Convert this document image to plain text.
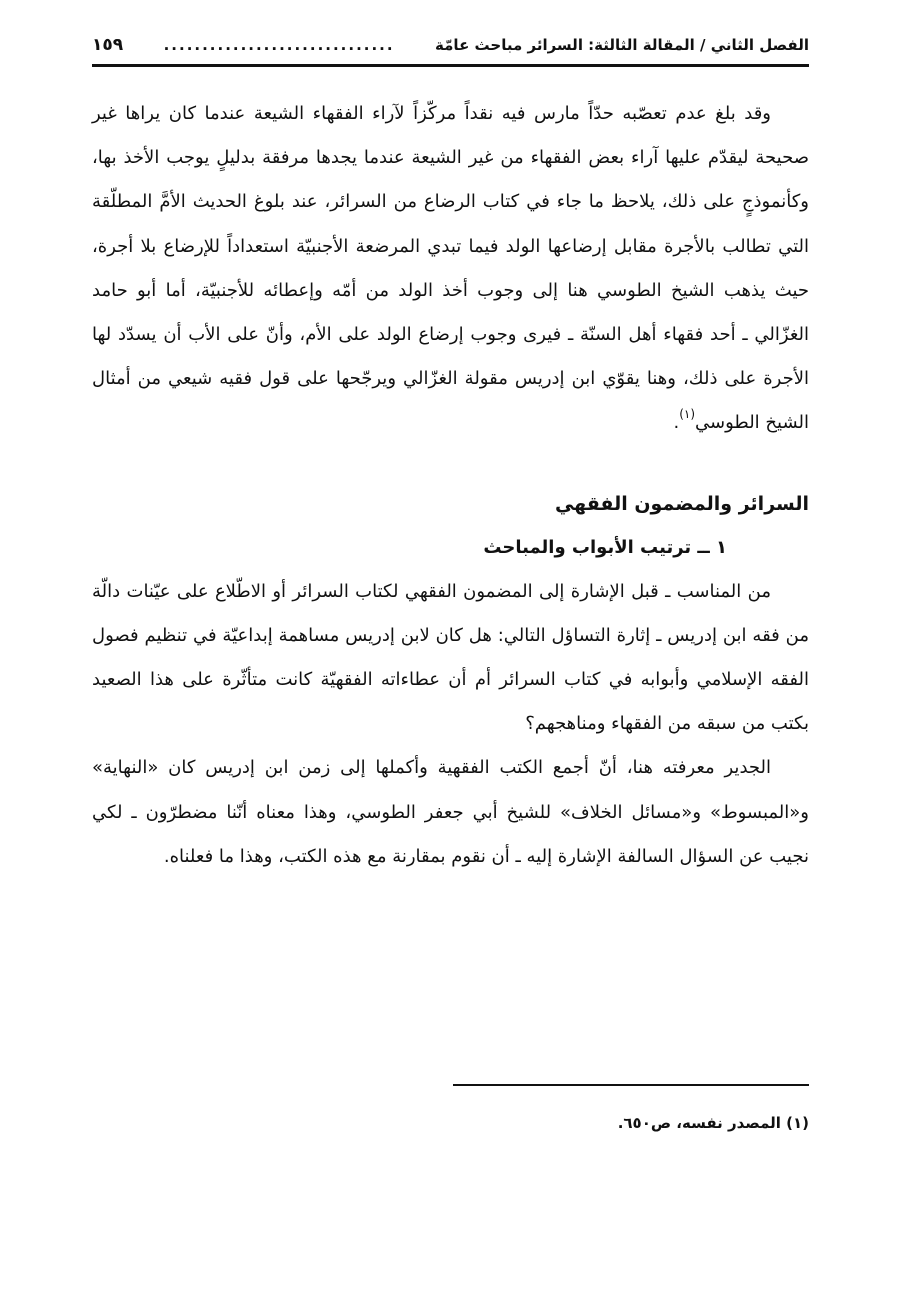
الفصل الثاني / المقالة الثالثة: السرائر مباحث عامّة
..............................
١٥٩

وقد بلغ عدم تعصّبه حدّاً مارس فيه نقداً مركّزاً لآراء الفقهاء الشيعة عندما كان يراها غير صحيحة ليقدّم عليها آراء بعض الفقهاء من غير الشيعة عندما يجدها مرفقة بدليلٍ يوجب الأخذ بها، وكأنموذجٍ على ذلك، يلاحظ ما جاء في كتاب الرضاع من السرائر، عند بلوغ الحديث الأمَّ المطلّقة التي تطالب بالأجرة مقابل إرضاعها الولد فيما تبدي المرضعة الأجنبيّة استعداداً للإرضاع بلا أجرة، حيث يذهب الشيخ الطوسي هنا إلى وجوب أخذ الولد من أمّه وإعطائه للأجنبيّة، أما أبو حامد الغزّالي ـ أحد فقهاء أهل السنّة ـ فيرى وجوب إرضاع الولد على الأم، وأنّ على الأب أن يسدّد لها الأجرة على ذلك، وهنا يقوّي ابن إدريس مقولة الغزّالي ويرجّحها على قول فقيه شيعي من أمثال الشيخ الطوسي$^{(١)}$.

السرائر والمضمون الفقهي
١ ــ ترتيب الأبواب والمباحث

من المناسب ـ قبل الإشارة إلى المضمون الفقهي لكتاب السرائر أو الاطّلاع على عيّنات دالّة من فقه ابن إدريس ـ إثارة التساؤل التالي: هل كان لابن إدريس مساهمة إبداعيّة في تنظيم فصول الفقه الإسلامي وأبوابه في كتاب السرائر أم أن عطاءاته الفقهيّة كانت متأثّرة على هذا الصعيد بكتب من سبقه من الفقهاء ومناهجهم؟

الجدير معرفته هنا، أنّ أجمع الكتب الفقهية وأكملها إلى زمن ابن إدريس كان «النهاية» و«المبسوط» و«مسائل الخلاف» للشيخ أبي جعفر الطوسي، وهذا معناه أنّنا مضطرّون ـ لكي نجيب عن السؤال السالفة الإشارة إليه ـ أن نقوم بمقارنة مع هذه الكتب، وهذا ما فعلناه.

(١) المصدر نفسه، ص٦٥٠.
